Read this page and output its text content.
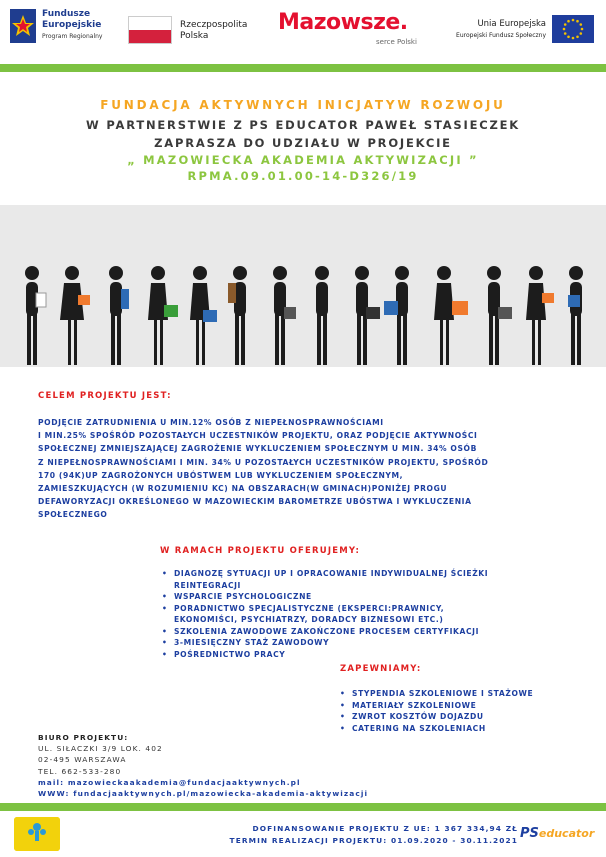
Fundusze
Europejskie
Program Regionalny
Rzeczpospolita
Polska
Mazowsze.
serce Polski
Unia Europejska
Europejski Fundusz Społeczny
FUNDACJA AKTYWNYCH INICJATYW ROZWOJU
W PARTNERSTWIE Z PS EDUCATOR PAWEŁ STASIECZEK
ZAPRASZA DO UDZIAŁU W PROJEKCIE
„ MAZOWIECKA AKADEMIA AKTYWIZACJI ”
RPMA.09.01.00-14-D326/19
CELEM PROJEKTU JEST:
PODJĘCIE ZATRUDNIENIA U MIN.12% OSÓB Z NIEPEŁNOSPRAWNOŚCIAMI
I MIN.25% SPOŚRÓD POZOSTAŁYCH UCZESTNIKÓW PROJEKTU, ORAZ PODJĘCIE AKTYWNOŚCI
SPOŁECZNEJ ZMNIEJSZAJĄCEJ ZAGROŻENIE WYKLUCZENIEM SPOŁECZNYM U MIN. 34% OSÓB
Z NIEPEŁNOSPRAWNOŚCIAMI I MIN. 34% U POZOSTAŁYCH UCZESTNIKÓW PROJEKTU, SPOŚRÓD
170 (94K)UP ZAGROŻONYCH UBÓSTWEM LUB WYKLUCZENIEM SPOŁECZNYM,
ZAMIESZKUJĄCYCH (W ROZUMIENIU KC) NA OBSZARACH(W GMINACH)PONIŻEJ PROGU
DEFAWORYZACJI OKREŚLONEGO W MAZOWIECKIM BAROMETRZE UBÓSTWA I WYKLUCZENIA
SPOŁECZNEGO
W RAMACH PROJEKTU OFERUJEMY:
• DIAGNOZĘ SYTUACJI UP I OPRACOWANIE INDYWIDUALNEJ ŚCIEŻKI REINTEGRACJI
• WSPARCIE PSYCHOLOGICZNE
• PORADNICTWO SPECJALISTYCZNE (EKSPERCI:PRAWNICY, EKONOMIŚCI, PSYCHIATRZY, DORADCY BIZNESOWI ETC.)
• SZKOLENIA ZAWODOWE ZAKOŃCZONE PROCESEM CERTYFIKACJI
• 3-MIESIĘCZNY STAŻ ZAWODOWY
• POŚREDNICTWO PRACY
ZAPEWNIAMY:
• STYPENDIA SZKOLENIOWE I STAŻOWE
• MATERIAŁY SZKOLENIOWE
• ZWROT KOSZTÓW DOJAZDU
• CATERING NA SZKOLENIACH
BIURO PROJEKTU:
UL. SIŁACZKI 3/9 LOK. 402
02-495 WARSZAWA
TEL. 662-533-280
mail: mazowieckaakademia@fundacjaaktywnych.pl
WWW: fundacjaaktywnych.pl/mazowiecka-akademia-aktywizacji
DOFINANSOWANIE PROJEKTU Z UE: 1 367 334,94 ZŁ
TERMIN REALIZACJI PROJEKTU: 01.09.2020 - 30.11.2021 PSeducator
